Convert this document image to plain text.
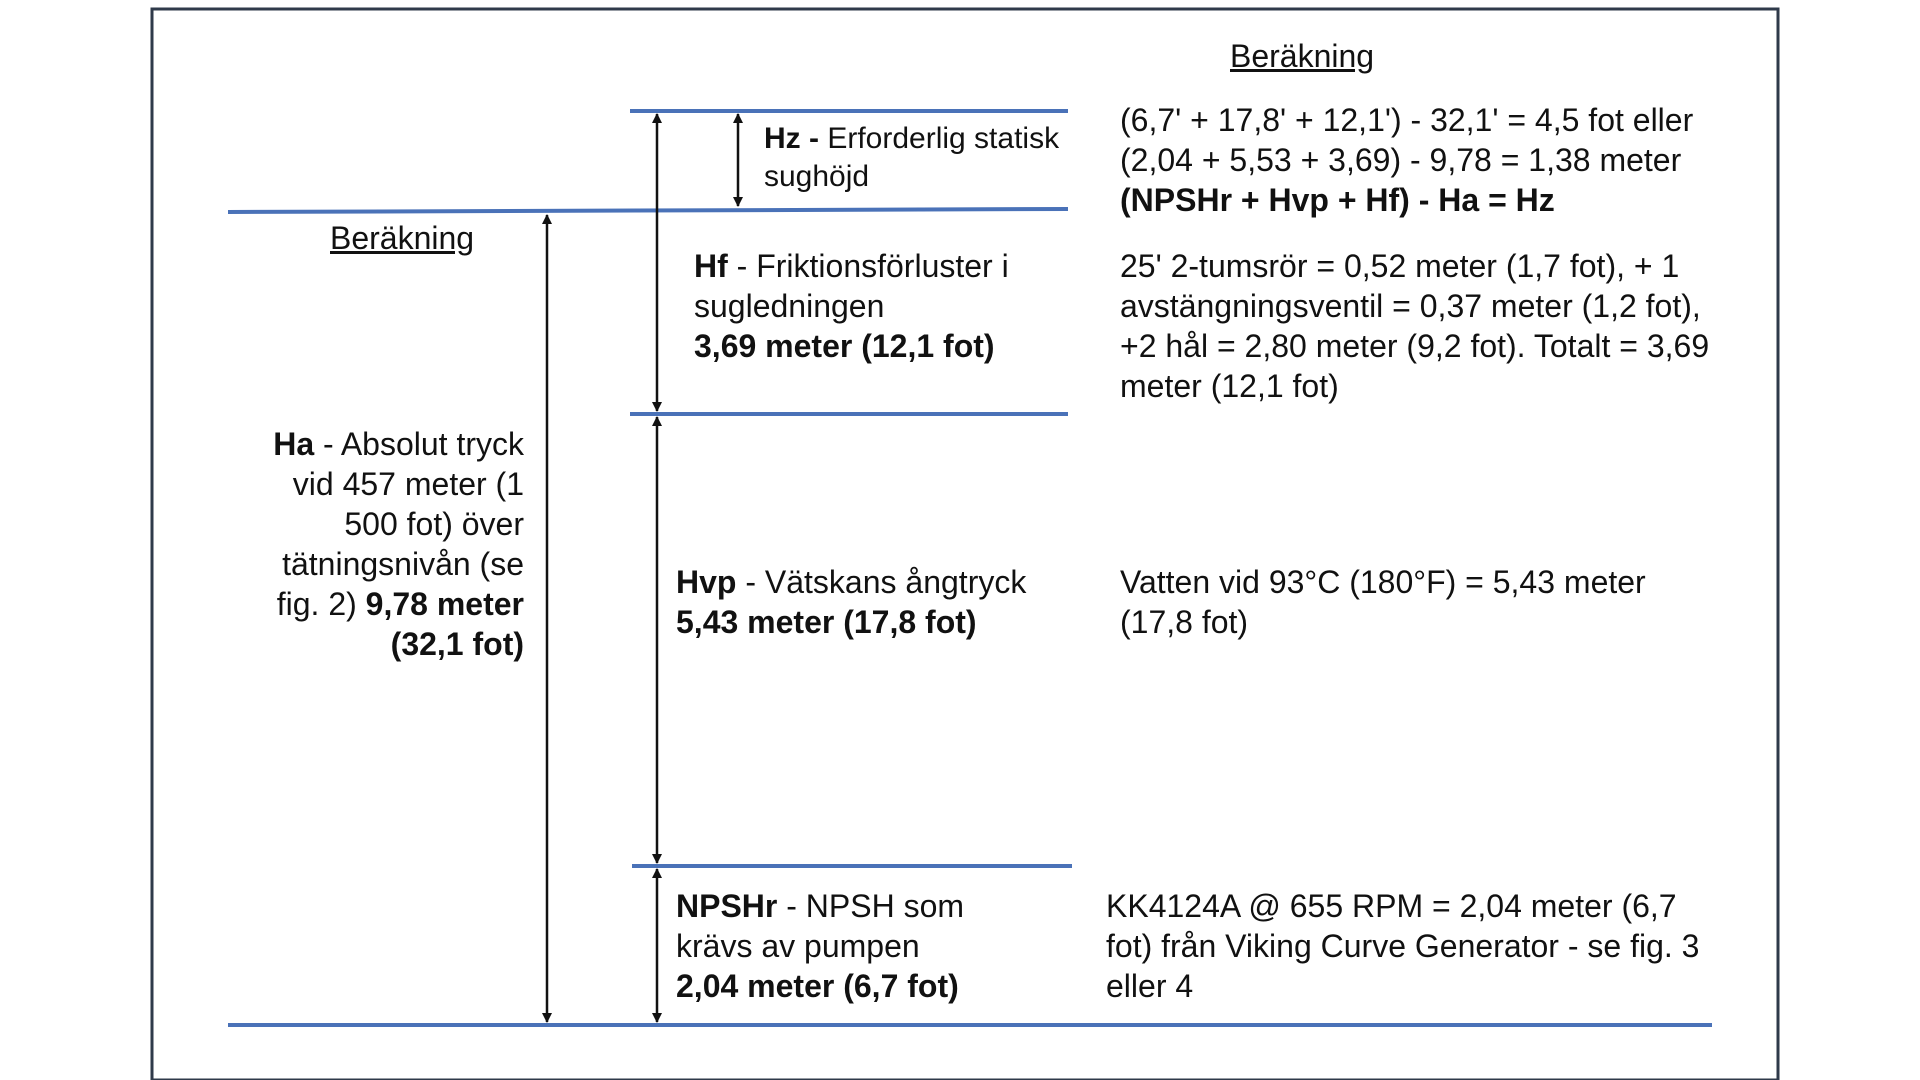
Beräkning
Beräkning
Hz - Erforderlig statisk
sughöjd
(6,7' + 17,8' + 12,1') - 32,1' = 4,5 fot eller
(2,04 + 5,53 + 3,69) - 9,78 = 1,38 meter
(NPSHr + Hvp + Hf) - Ha = Hz
Hf - Friktionsförluster i
sugledningen
3,69 meter (12,1 fot)
25' 2-tumsrör = 0,52 meter (1,7 fot), + 1
avstängningsventil = 0,37 meter (1,2 fot),
+2 hål = 2,80 meter (9,2 fot). Totalt = 3,69
meter (12,1 fot)
Ha - Absolut tryck
vid 457 meter (1
500 fot) över
tätningsnivån (se
fig. 2) 9,78 meter
(32,1 fot)
Hvp - Vätskans ångtryck
5,43 meter (17,8 fot)
Vatten vid 93°C (180°F) = 5,43 meter
(17,8 fot)
NPSHr - NPSH som
krävs av pumpen
2,04 meter (6,7 fot)
KK4124A @ 655 RPM = 2,04 meter (6,7
fot) från Viking Curve Generator - se fig. 3
eller 4
